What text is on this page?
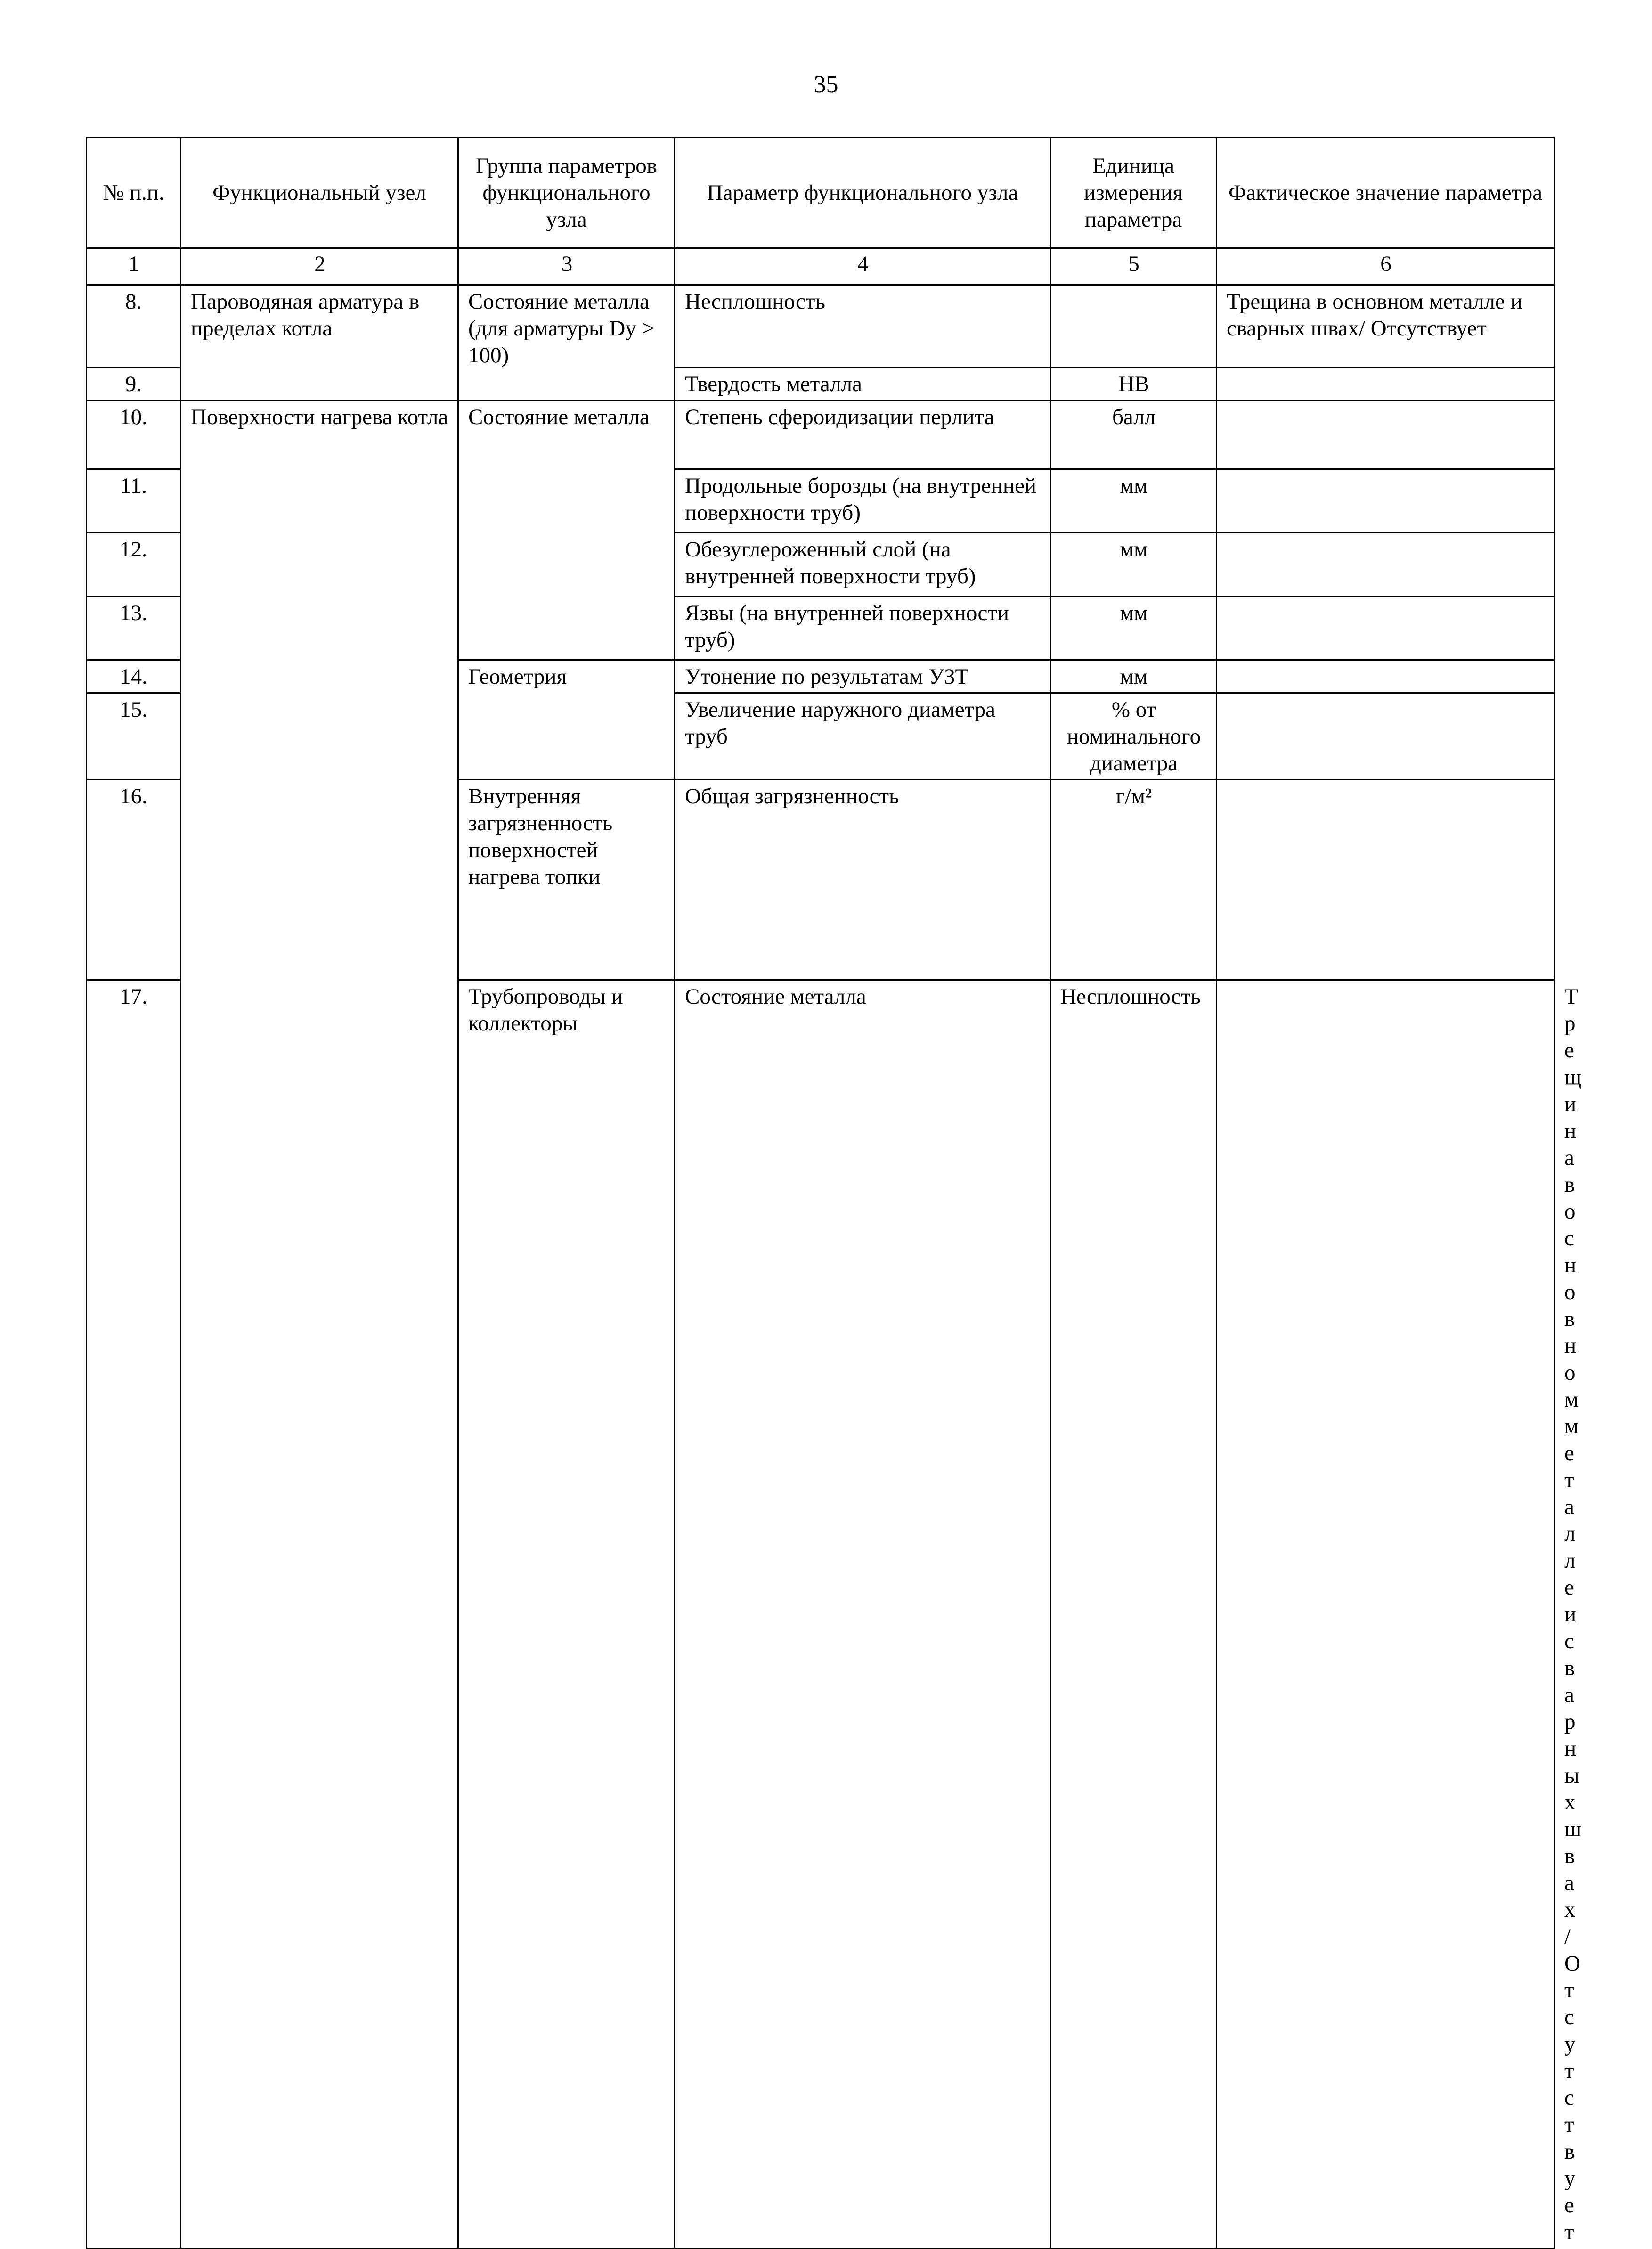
35
№ п.п.	Функциональный узел	Группа параметров функционального узла	Параметр функционального узла	Единица измерения параметра	Фактическое значение параметра	
1	2	3	4	5	6	
8.	Пароводяная арматура в пределах котла	Состояние металла (для арматуры Dy > 100)	Несплошность		Трещина в основном металле и сварных швах/ Отсутствует	
9.			Твердость металла	НВ		
10.	Поверхности нагрева котла	Состояние металла	Степень сфероидизации перлита	балл		
11.			Продольные борозды (на внутренней поверхности труб)	мм		
12.			Обезуглероженный слой (на внутренней поверхности труб)	мм		
13.			Язвы (на внутренней поверхности труб)	мм		
14.		Геометрия	Утонение по результатам УЗТ	мм		
15.			Увеличение наружного диаметра труб	% от номинального диаметра		
16.		Внутренняя загрязненность поверхностей нагрева топки	Общая загрязненность	г/м²		
17.		Трубопроводы и коллекторы	Состояние металла	Несплошность		Трещина в основном металле и сварных швах/ Отсутствует
